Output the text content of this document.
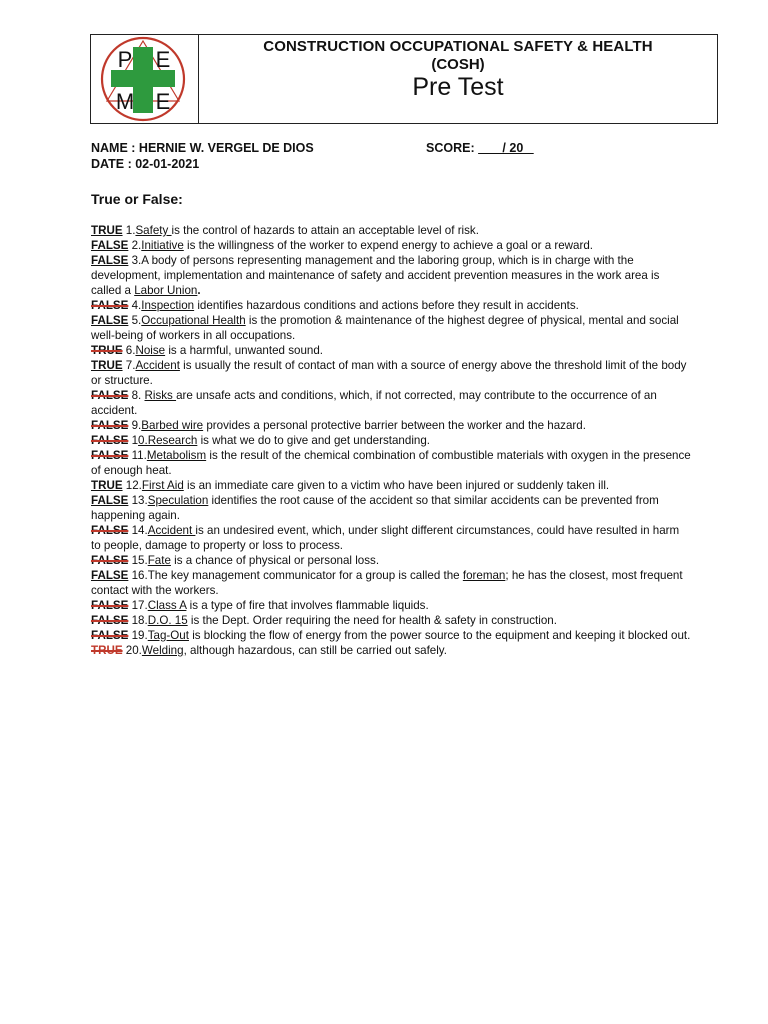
P E
M E
CONSTRUCTION OCCUPATIONAL SAFETY & HEALTH
(COSH)
Pre Test
NAME : HERNIE W. VERGEL DE DIOS	SCORE:        / 20
DATE : 02-01-2021
True or False:

TRUE 1.Safety is the control of hazards to attain an acceptable level of risk.

FALSE 2.Initiative is the willingness of the worker to expend energy to achieve a goal or a reward.

FALSE 3.A body of persons representing management and the laboring group, which is in charge with the development, implementation and maintenance of safety and accident prevention measures in the work area is called a Labor Union.

FALSE 4.Inspection identifies hazardous conditions and actions before they result in accidents.

FALSE 5.Occupational Health is the promotion & maintenance of the highest degree of physical, mental and social well-being of workers in all occupations.

TRUE 6.Noise is a harmful, unwanted sound.

TRUE 7.Accident is usually the result of contact of man with a source of energy above the threshold limit of the body or structure.

FALSE 8. Risks are unsafe acts and conditions, which, if not corrected, may contribute to the occurrence of an accident.

FALSE 9.Barbed wire provides a personal protective barrier between the worker and the hazard.

FALSE 10.Research is what we do to give and get understanding.

FALSE 11.Metabolism is the result of the chemical combination of combustible materials with oxygen in the presence of enough heat.

TRUE 12.First Aid is an immediate care given to a victim who have been injured or suddenly taken ill.

FALSE 13.Speculation identifies the root cause of the accident so that similar accidents can be prevented from happening again.

FALSE 14.Accident is an undesired event, which, under slight different circumstances, could have resulted in harm to people, damage to property or loss to process.

FALSE 15.Fate is a chance of physical or personal loss.

FALSE 16.The key management communicator for a group is called the foreman; he has the closest, most frequent contact with the workers.

FALSE 17.Class A is a type of fire that involves flammable liquids.

FALSE 18.D.O. 15 is the Dept. Order requiring the need for health & safety in construction.

FALSE 19.Tag-Out is blocking the flow of energy from the power source to the equipment and keeping it blocked out.

TRUE 20.Welding, although hazardous, can still be carried out safely.
